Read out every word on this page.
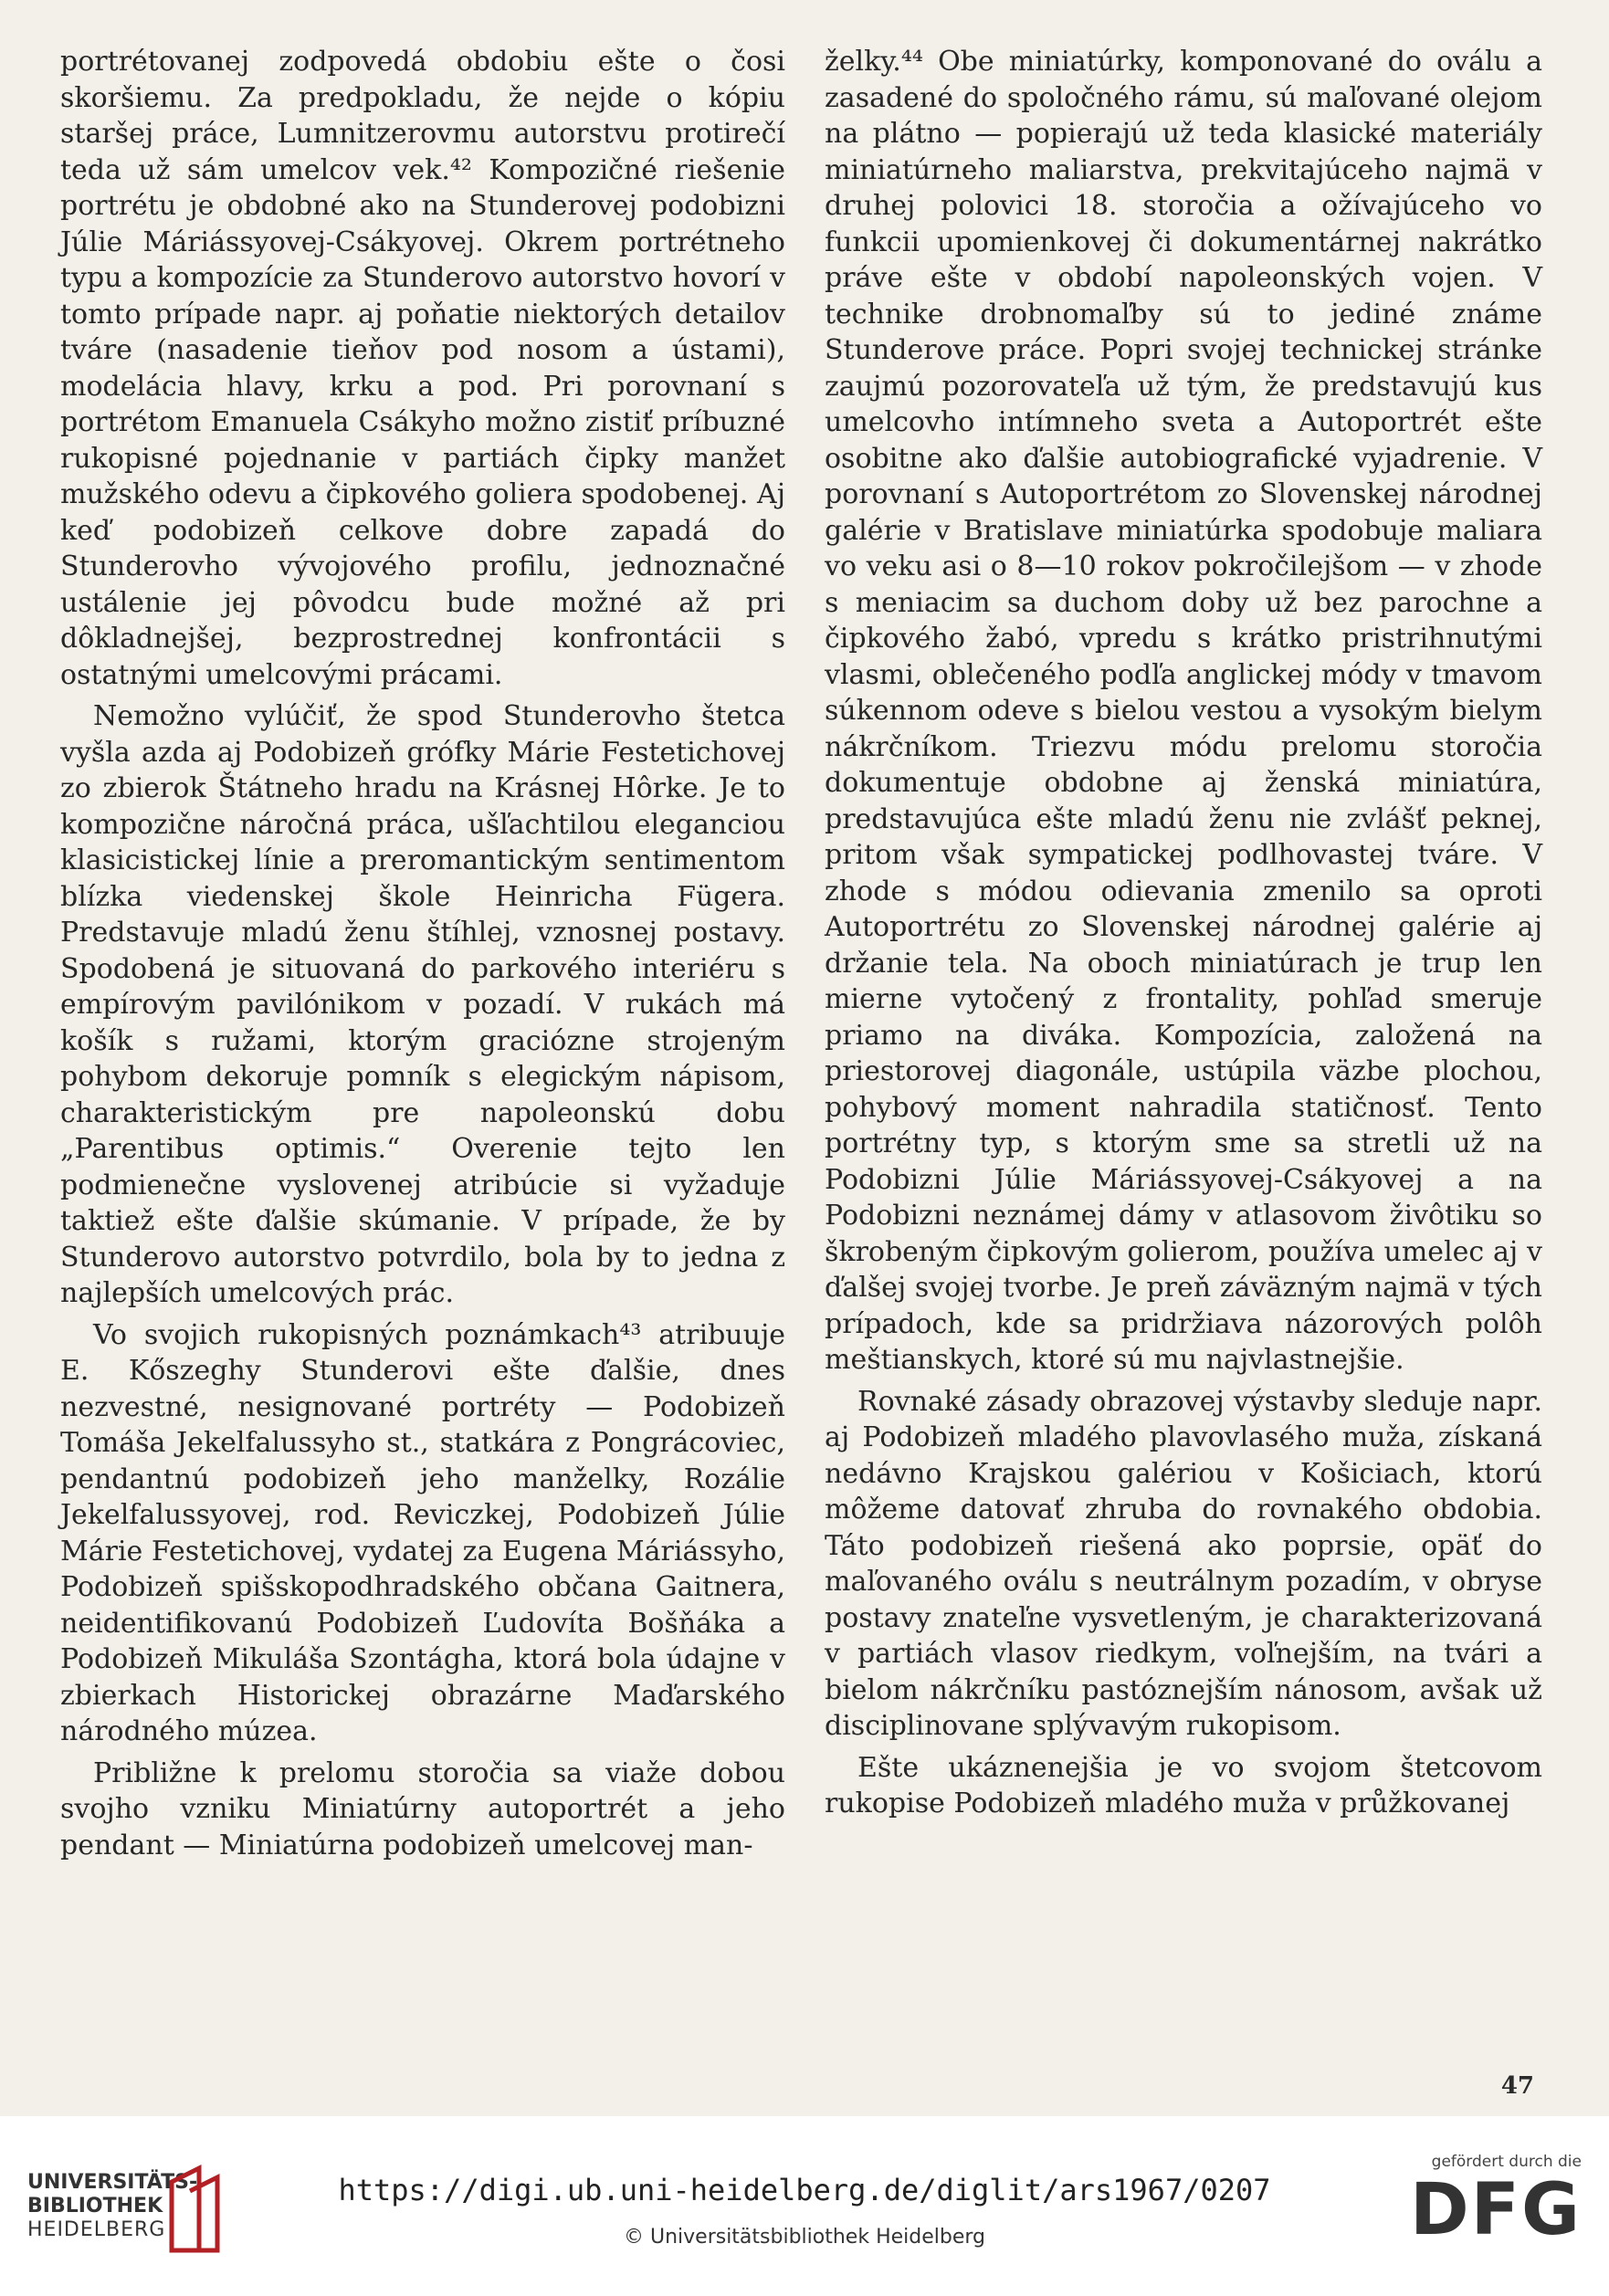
portrétovanej zodpovedá obdobiu ešte o čosi skoršiemu. Za predpokladu, že nejde o kópiu staršej práce, Lumnitzerovmu autorstvu protirečí teda už sám umelcov vek.⁴² Kompozičné riešenie portrétu je obdobné ako na Stunderovej podobizni Júlie Máriássyovej-Csákyovej. Okrem portrétneho typu a kompozície za Stunderovo autorstvo hovorí v tomto prípade napr. aj poňatie niektorých detailov tváre (nasadenie tieňov pod nosom a ústami), modelácia hlavy, krku a pod. Pri porovnaní s portrétom Emanuela Csákyho možno zistiť príbuzné rukopisné pojednanie v partiách čipky manžet mužského odevu a čipkového goliera spodobenej. Aj keď podobizeň celkove dobre zapadá do Stunderovho vývojového profilu, jednoznačné ustálenie jej pôvodcu bude možné až pri dôkladnejšej, bezprostrednej konfrontácii s ostatnými umelcovými prácami.

Nemožno vylúčiť, že spod Stunderovho štetca vyšla azda aj Podobizeň grófky Márie Festetichovej zo zbierok Štátneho hradu na Krásnej Hôrke. Je to kompozične náročná práca, ušľachtilou eleganciou klasicistickej línie a preromantickým sentimentom blízka viedenskej škole Heinricha Fügera. Predstavuje mladú ženu štíhlej, vznosnej postavy. Spodobená je situovaná do parkového interiéru s empírovým pavilónikom v pozadí. V rukách má košík s ružami, ktorým graciózne strojeným pohybom dekoruje pomník s elegickým nápisom, charakteristickým pre napoleonskú dobu „Parentibus optimis.“ Overenie tejto len podmienečne vyslovenej atribúcie si vyžaduje taktiež ešte ďalšie skúmanie. V prípade, že by Stunderovo autorstvo potvrdilo, bola by to jedna z najlepších umelcových prác.

Vo svojich rukopisných poznámkach⁴³ atribuuje E. Kőszeghy Stunderovi ešte ďalšie, dnes nezvestné, nesignované portréty — Podobizeň Tomáša Jekelfalussyho st., statkára z Pongrácoviec, pendantnú podobizeň jeho manželky, Rozálie Jekelfalussyovej, rod. Reviczkej, Podobizeň Júlie Márie Festetichovej, vydatej za Eugena Máriássyho, Podobizeň spišskopodhradského občana Gaitnera, neidentifikovanú Podobizeň Ľudovíta Bošňáka a Podobizeň Mikuláša Szontágha, ktorá bola údajne v zbierkach Historickej obrazárne Maďarského národného múzea.

Približne k prelomu storočia sa viaže dobou svojho vzniku Miniatúrny autoportrét a jeho pendant — Miniatúrna podobizeň umelcovej man-

želky.⁴⁴ Obe miniatúrky, komponované do oválu a zasadené do spoločného rámu, sú maľované olejom na plátno — popierajú už teda klasické materiály miniatúrneho maliarstva, prekvitajúceho najmä v druhej polovici 18. storočia a ožívajúceho vo funkcii upomienkovej či dokumentárnej nakrátko práve ešte v období napoleonských vojen. V technike drobnomaľby sú to jediné známe Stunderove práce. Popri svojej technickej stránke zaujmú pozorovateľa už tým, že predstavujú kus umelcovho intímneho sveta a Autoportrét ešte osobitne ako ďalšie autobiografické vyjadrenie. V porovnaní s Autoportrétom zo Slovenskej národnej galérie v Bratislave miniatúrka spodobuje maliara vo veku asi o 8—10 rokov pokročilejšom — v zhode s meniacim sa duchom doby už bez parochne a čipkového žabó, vpredu s krátko pristrihnutými vlasmi, oblečeného podľa anglickej módy v tmavom súkennom odeve s bielou vestou a vysokým bielym nákrčníkom. Triezvu módu prelomu storočia dokumentuje obdobne aj ženská miniatúra, predstavujúca ešte mladú ženu nie zvlášť peknej, pritom však sympatickej podlhovastej tváre. V zhode s módou odievania zmenilo sa oproti Autoportrétu zo Slovenskej národnej galérie aj držanie tela. Na oboch miniatúrach je trup len mierne vytočený z frontality, pohľad smeruje priamo na diváka. Kompozícia, založená na priestorovej diagonále, ustúpila väzbe plochou, pohybový moment nahradila statičnosť. Tento portrétny typ, s ktorým sme sa stretli už na Podobizni Júlie Máriássyovej-Csákyovej a na Podobizni neznámej dámy v atlasovom živôtiku so škrobeným čipkovým golierom, používa umelec aj v ďalšej svojej tvorbe. Je preň záväzným najmä v tých prípadoch, kde sa pridržiava názorových polôh meštianskych, ktoré sú mu najvlastnejšie.

Rovnaké zásady obrazovej výstavby sleduje napr. aj Podobizeň mladého plavovlasého muža, získaná nedávno Krajskou galériou v Košiciach, ktorú môžeme datovať zhruba do rovnakého obdobia. Táto podobizeň riešená ako poprsie, opäť do maľovaného oválu s neutrálnym pozadím, v obryse postavy znateľne vysvetleným, je charakterizovaná v partiách vlasov riedkym, voľnejším, na tvári a bielom nákrčníku pastóznejším nánosom, avšak už disciplinovane splývavým rukopisom.

Ešte ukáznenejšia je vo svojom štetcovom rukopise Podobizeň mladého muža v průžkovanej

47
UNIVERSITÄTS-
BIBLIOTHEK
HEIDELBERG
https://digi.ub.uni-heidelberg.de/diglit/ars1967/0207
© Universitätsbibliothek Heidelberg
gefördert durch die
DFG
